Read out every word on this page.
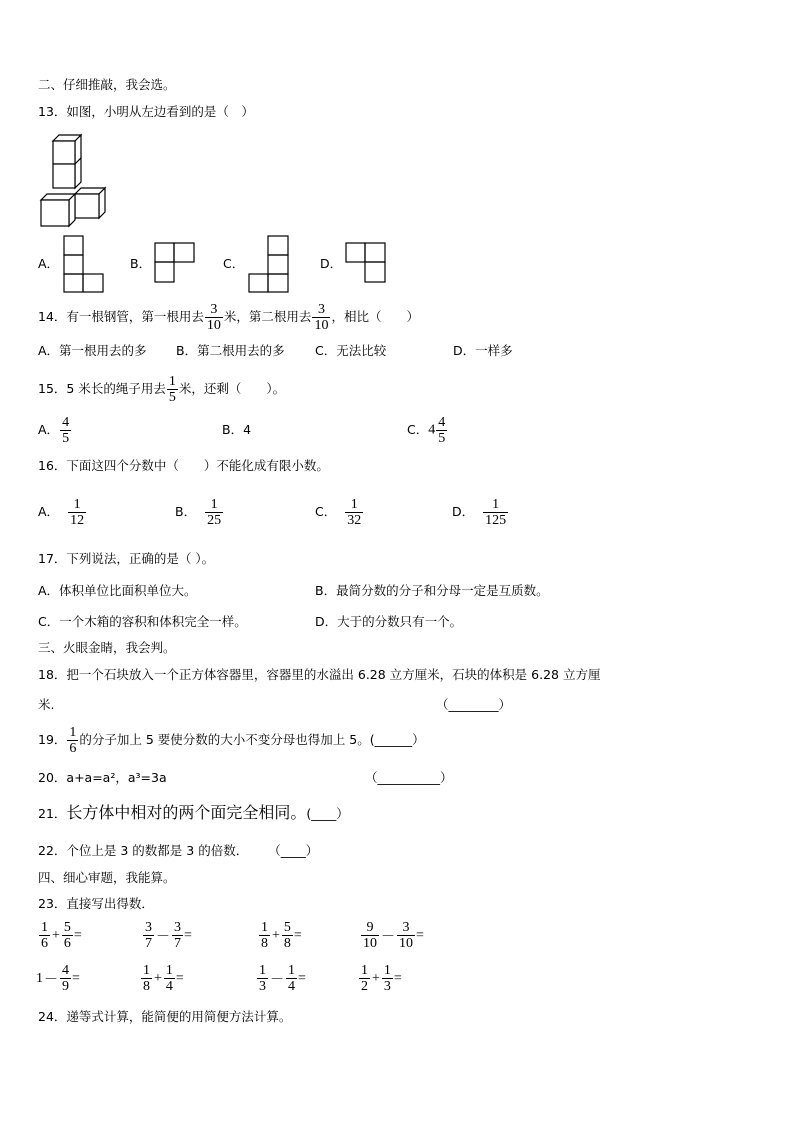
二、仔细推敲，我会选。
13．如图，小明从左边看到的是（　）
A．	B．	C．	D．
14．有一根钢管，第一根用去 $\frac{3}{10}$ 米，第二根用去 $\frac{3}{10}$ ，相比（　　）
A．第一根用去的多 B．第二根用去的多 C．无法比较	D．一样多
15．5 米长的绳子用去 $\frac{1}{5}$ 米，还剩（　　）。
A． $\frac{4}{5}$	B．4	C．$4 \frac{4}{5}$
16．下面这四个分数中（　　）不能化成有限小数。
A． $\frac{1}{12}$	B． $\frac{1}{25}$	C． $\frac{1}{32}$	D． $\frac{1}{125}$
17．下列说法，正确的是（ ）。
A．体积单位比面积单位大。	B．最简分数的分子和分母一定是互质数。
C．一个木箱的容积和体积完全一样。	D．大于的分数只有一个。
三、火眼金睛，我会判。
18．把一个石块放入一个正方体容器里，容器里的水溢出 6.28 立方厘米，石块的体积是 6.28 立方厘
米.	（________）
19． $\frac{1}{6}$ 的分子加上 5 要使分数的大小不变分母也得加上 5。(______）
20．a+a=a²，a³=3a	（__________）
21．长方体中相对的两个面完全相同。(____）
22．个位上是 3 的数都是 3 的倍数． （____）
四、细心审题，我能算。
23．直接写出得数．
$\frac{1}{6} + \frac{5}{6}$ =	$\frac{3}{7} - \frac{3}{7}$ =	$\frac{1}{8} + \frac{5}{8}$ =	$\frac{9}{10} - \frac{3}{10}$ =
$1 - \frac{4}{9}$ =	$\frac{1}{8} + \frac{1}{4}$ =	$\frac{1}{3} - \frac{1}{4}$ =	$\frac{1}{2} + \frac{1}{3}$ =
24．递等式计算，能简便的用简便方法计算。
